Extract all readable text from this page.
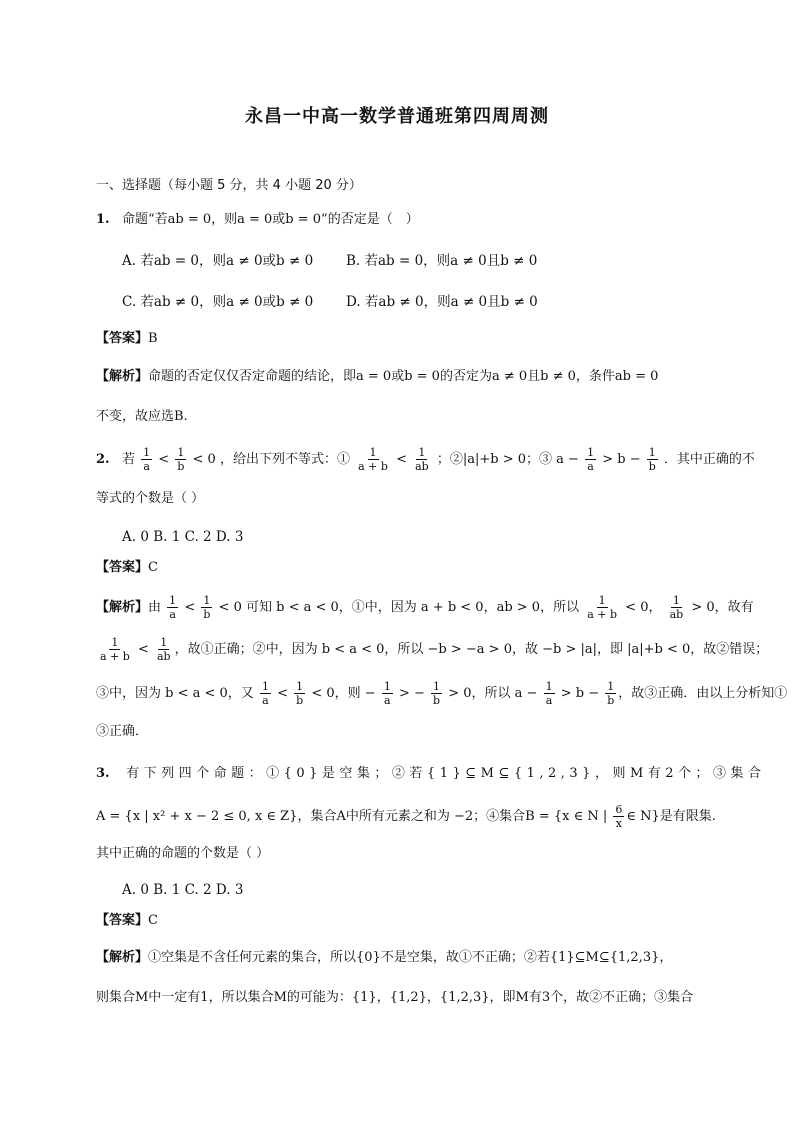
永昌一中高一数学普通班第四周周测
一、选择题（每小题 5 分，共 4 小题 20 分）
1. 命题“若ab = 0，则a = 0或b = 0”的否定是（　）
A. 若ab = 0，则a ≠ 0或b ≠ 0 B. 若ab = 0，则a ≠ 0且b ≠ 0
C. 若ab ≠ 0，则a ≠ 0或b ≠ 0 D. 若ab ≠ 0，则a ≠ 0且b ≠ 0
【答案】B
【解析】命题的否定仅仅否定命题的结论，即a = 0或b = 0的否定为a ≠ 0且b ≠ 0，条件ab = 0
不变，故应选B.
2. 若 $\frac{1}{a} < \frac{1}{b} < 0$ ，给出下列不等式：① $\frac{1}{a + b} < \frac{1}{ab}$ ；②|a|+b > 0；③ $a - \frac{1}{a} > b - \frac{1}{b}$ ．其中正确的不
等式的个数是（ ）
A. 0 B. 1 C. 2 D. 3
【答案】C
【解析】由 $\frac{1}{a} < \frac{1}{b} < 0$ 可知 b < a < 0，①中，因为 a + b < 0，ab > 0，所以 $\frac{1}{a + b} < 0$， $\frac{1}{ab} > 0$，故有
$\frac{1}{a + b} < \frac{1}{ab}$ ，故①正确；②中，因为 b < a < 0，所以 −b > −a > 0，故 −b > |a|，即 |a|+b < 0，故②错误；
③中，因为 b < a < 0，又 $\frac{1}{a} < \frac{1}{b} < 0$，则 − $\frac{1}{a}$ > − $\frac{1}{b} > 0$，所以 $a - \frac{1}{a} > b - \frac{1}{b}$ ，故③正确．由以上分析知①
③正确．
3. 有下列四个命题：①{0}是空集；②若{1}⊆M⊆{1,2,3}，则M有2个；③集合
A = {x | x² + x − 2 ≤ 0, x ∈ Z}，集合A中所有元素之和为 −2；④集合B = {x ∈ N | $\frac{6}{x}$ ∈ N}是有限集.
其中正确的命题的个数是（ ）
A. 0 B. 1 C. 2 D. 3
【答案】C
【解析】①空集是不含任何元素的集合，所以{0}不是空集，故①不正确；②若{1}⊆M⊆{1,2,3}，
则集合M中一定有1，所以集合M的可能为：{1}，{1,2}，{1,2,3}，即M有3个，故②不正确；③集合
